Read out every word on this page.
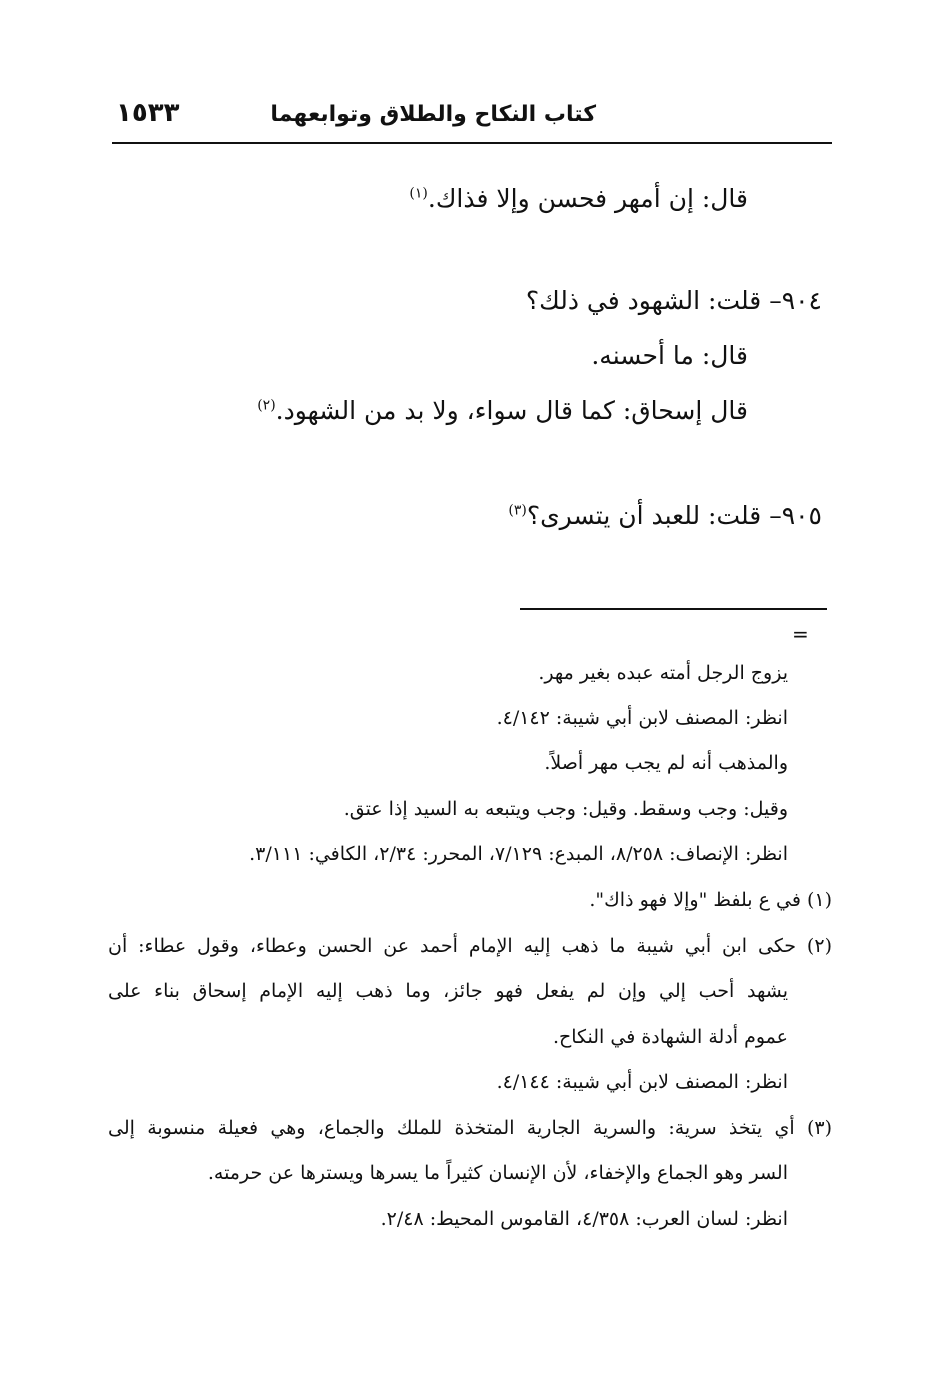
كتاب النكاح والطلاق وتوابعهما
١٥٣٣
قال: إن أمهر فحسن وإلا فذاك.$^{(١)}$
٩٠٤– قلت: الشهود في ذلك؟
قال: ما أحسنه.
قال إسحاق: كما قال سواء، ولا بد من الشهود.$^{(٢)}$
٩٠٥– قلت: للعبد أن يتسرى؟$^{(٣)}$
=
يزوج الرجل أمته عبده بغير مهر.
انظر: المصنف لابن أبي شيبة: ٤/١٤٢.
والمذهب أنه لم يجب مهر أصلاً.
وقيل: وجب وسقط. وقيل: وجب ويتبعه به السيد إذا عتق.
انظر: الإنصاف: ٨/٢٥٨، المبدع: ٧/١٢٩، المحرر: ٢/٣٤، الكافي: ٣/١١١.
(١) في ع بلفظ "وإلا فهو ذاك".
(٢) حكى ابن أبي شيبة ما ذهب إليه الإمام أحمد عن الحسن وعطاء، وقول عطاء: أن
يشهد أحب إلي وإن لم يفعل فهو جائز، وما ذهب إليه الإمام إسحاق بناء على
عموم أدلة الشهادة في النكاح.
انظر: المصنف لابن أبي شيبة: ٤/١٤٤.
(٣) أي يتخذ سرية: والسرية الجارية المتخذة للملك والجماع، وهي فعيلة منسوبة إلى
السر وهو الجماع والإخفاء، لأن الإنسان كثيراً ما يسرها ويسترها عن حرمته.
انظر: لسان العرب: ٤/٣٥٨، القاموس المحيط: ٢/٤٨.
